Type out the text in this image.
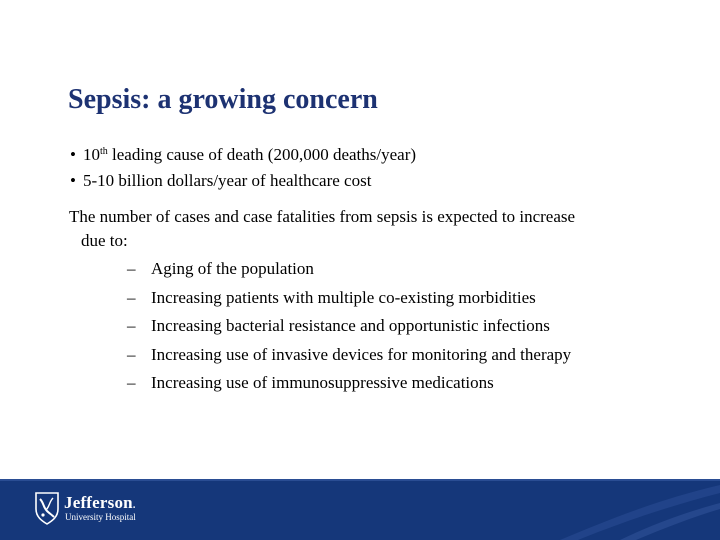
Sepsis: a growing concern
• 10th leading cause of death (200,000 deaths/year)
• 5-10 billion dollars/year of healthcare cost
The number of cases and case fatalities from sepsis is expected to increase
due to:
– Aging of the population
– Increasing patients with multiple co-existing morbidities
– Increasing bacterial resistance and opportunistic infections
– Increasing use of invasive devices for monitoring and therapy
– Increasing use of immunosuppressive medications
Jefferson.
University Hospital
